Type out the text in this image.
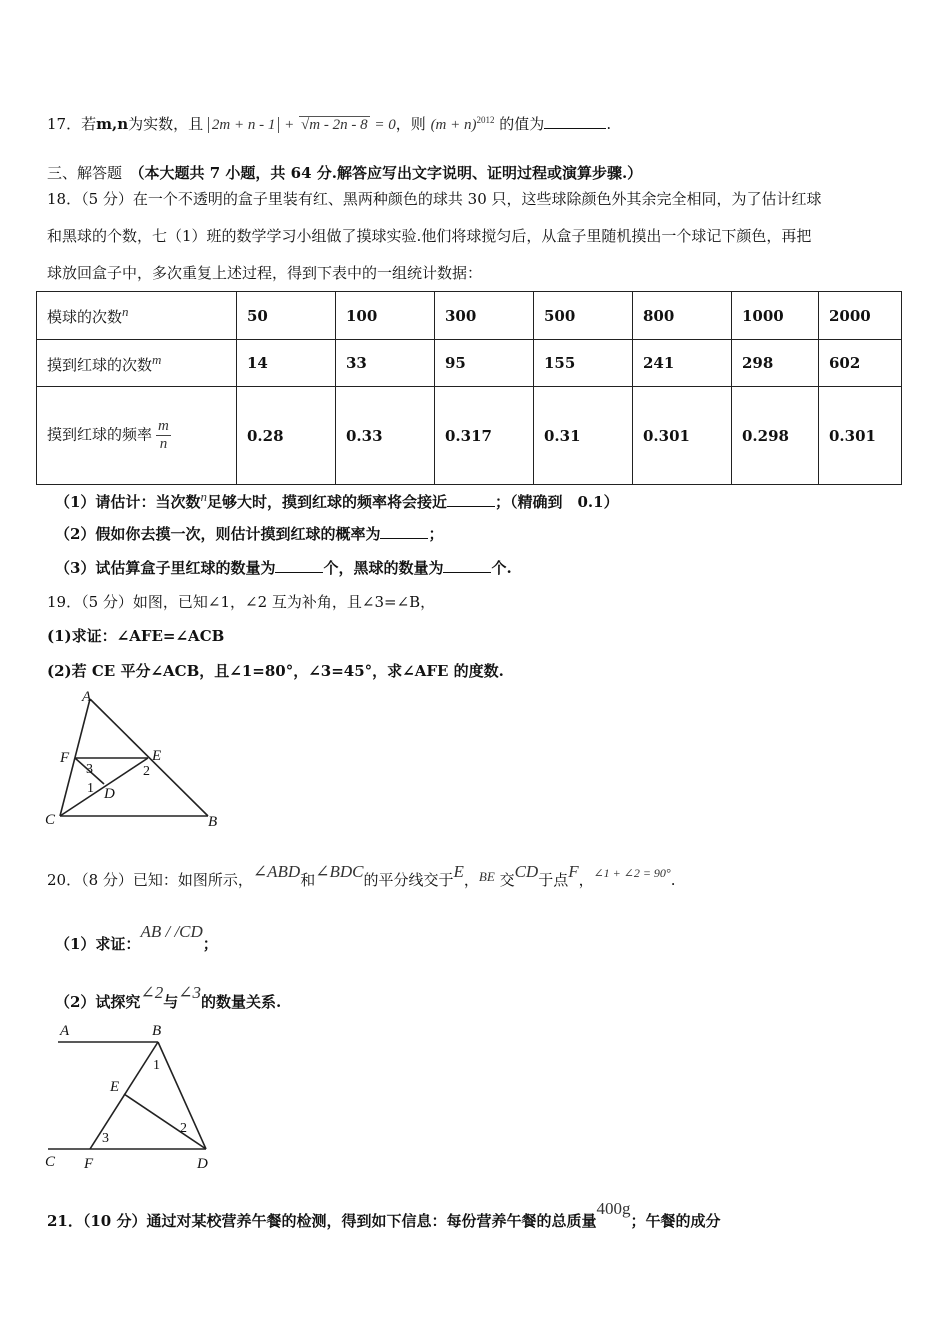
17．若m,n为实数，且 2m + n - 1 + √m - 2n - 8 = 0，则 $(m + n)^{2012}$ 的值为	.
三、解答题　 （本大题共 7 小题，共 64 分.解答应写出文字说明、证明过程或演算步骤.）
18．（5 分）在一个不透明的盒子里装有红、黑两种颜色的球共 30 只，这些球除颜色外其余完全相同，为了估计红球
和黑球的个数，七（1）班的数学学习小组做了摸球实验.他们将球搅匀后，从盒子里随机摸出一个球记下颜色，再把
球放回盒子中，多次重复上述过程，得到下表中的一组统计数据：
模球的次数n	50	100	300	500	800	1000	2000
摸到红球的次数m	14	33	95	155	241	298	602
摸到红球的频率 $\frac{m}{n}$	0.28	0.33	0.317	0.31	0.301	0.298	0.301
（1）请估计：当次数n足够大时，摸到红球的频率将会接近	；（精确到　0.1）
（2）假如你去摸一次，则估计摸到红球的概率为	；
（3）试估算盒子里红球的数量为	个，黑球的数量为	个.
19．（5 分）如图，已知∠1，∠2 互为补角，且∠3=∠B，
(1)求证：∠AFE=∠ACB
(2)若 CE 平分∠ACB，且∠1=80°，∠3=45°，求∠AFE 的度数.
A
F	E
C	B
D
3
1
2
20．（8 分）已知：如图所示，∠ABD和∠BDC的平分线交于E，BE 交CD于点F，$^{\angle 1 + \angle 2 = 90^\circ}$.
（1）求证：AB / /CD；
（2）试探究∠2与∠3的数量关系.
A	B
E
C F	D
1
2
3
21．（10 分）通过对某校营养午餐的检测，得到如下信息：每份营养午餐的总质量400g；午餐的成分
